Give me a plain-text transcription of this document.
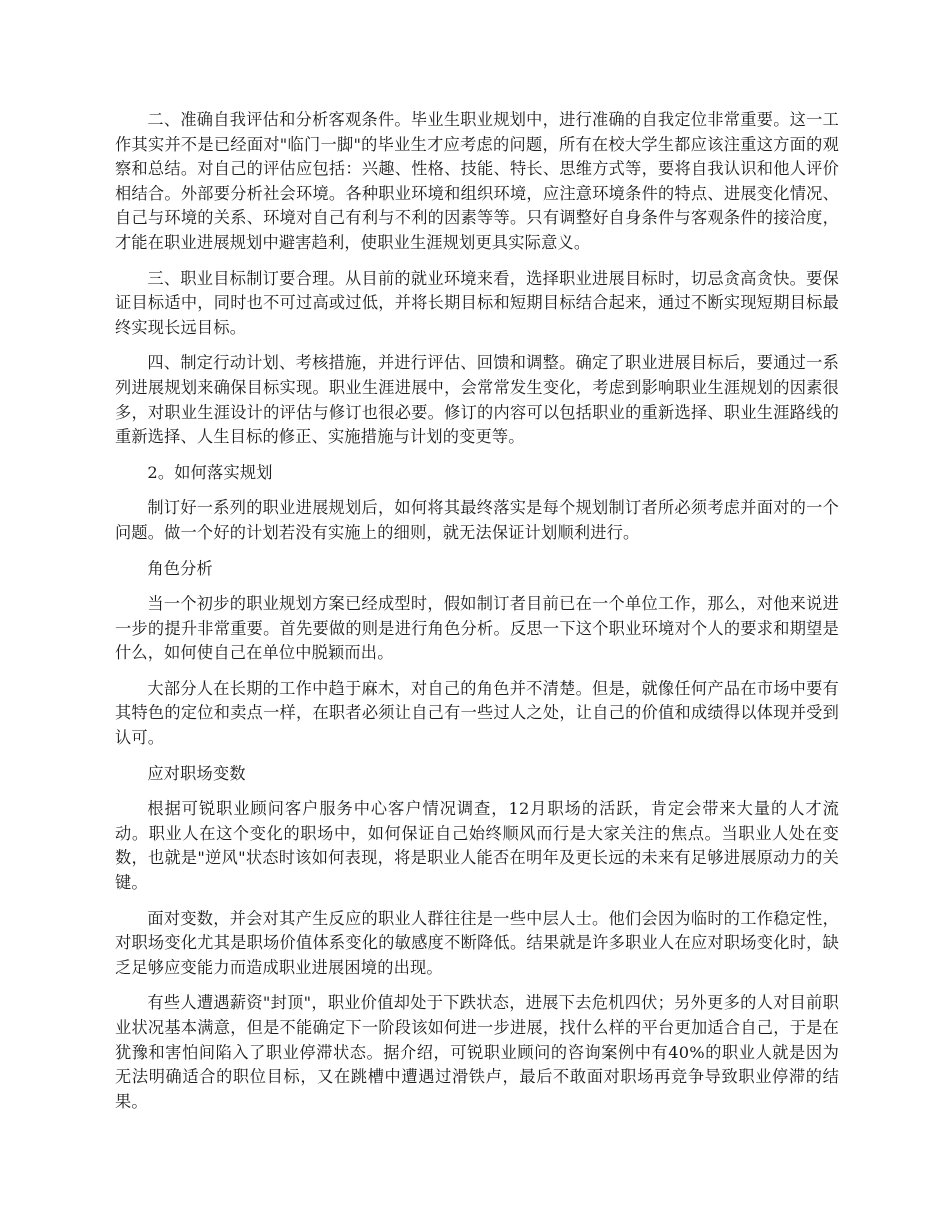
二、准确自我评估和分析客观条件。毕业生职业规划中，进行准确的自我定位非常重要。这一工作其实并不是已经面对"临门一脚"的毕业生才应考虑的问题，所有在校大学生都应该注重这方面的观察和总结。对自己的评估应包括：兴趣、性格、技能、特长、思维方式等，要将自我认识和他人评价相结合。外部要分析社会环境。各种职业环境和组织环境，应注意环境条件的特点、进展变化情况、自己与环境的关系、环境对自己有利与不利的因素等等。只有调整好自身条件与客观条件的接洽度，才能在职业进展规划中避害趋利，使职业生涯规划更具实际意义。

三、职业目标制订要合理。从目前的就业环境来看，选择职业进展目标时，切忌贪高贪快。要保证目标适中，同时也不可过高或过低，并将长期目标和短期目标结合起来，通过不断实现短期目标最终实现长远目标。

四、制定行动计划、考核措施，并进行评估、回馈和调整。确定了职业进展目标后，要通过一系列进展规划来确保目标实现。职业生涯进展中，会常常发生变化，考虑到影响职业生涯规划的因素很多，对职业生涯设计的评估与修订也很必要。修订的内容可以包括职业的重新选择、职业生涯路线的重新选择、人生目标的修正、实施措施与计划的变更等。

2。如何落实规划

制订好一系列的职业进展规划后，如何将其最终落实是每个规划制订者所必须考虑并面对的一个问题。做一个好的计划若没有实施上的细则，就无法保证计划顺利进行。

角色分析

当一个初步的职业规划方案已经成型时，假如制订者目前已在一个单位工作，那么，对他来说进一步的提升非常重要。首先要做的则是进行角色分析。反思一下这个职业环境对个人的要求和期望是什么，如何使自己在单位中脱颖而出。

大部分人在长期的工作中趋于麻木，对自己的角色并不清楚。但是，就像任何产品在市场中要有其特色的定位和卖点一样，在职者必须让自己有一些过人之处，让自己的价值和成绩得以体现并受到认可。

应对职场变数

根据可锐职业顾问客户服务中心客户情况调查，12月职场的活跃，肯定会带来大量的人才流动。职业人在这个变化的职场中，如何保证自己始终顺风而行是大家关注的焦点。当职业人处在变数，也就是"逆风"状态时该如何表现，将是职业人能否在明年及更长远的未来有足够进展原动力的关键。

面对变数，并会对其产生反应的职业人群往往是一些中层人士。他们会因为临时的工作稳定性，对职场变化尤其是职场价值体系变化的敏感度不断降低。结果就是许多职业人在应对职场变化时，缺乏足够应变能力而造成职业进展困境的出现。

有些人遭遇薪资"封顶"，职业价值却处于下跌状态，进展下去危机四伏；另外更多的人对目前职业状况基本满意，但是不能确定下一阶段该如何进一步进展，找什么样的平台更加适合自己，于是在犹豫和害怕间陷入了职业停滞状态。据介绍，可锐职业顾问的咨询案例中有40%的职业人就是因为无法明确适合的职位目标，又在跳槽中遭遇过滑铁卢，最后不敢面对职场再竞争导致职业停滞的结果。
